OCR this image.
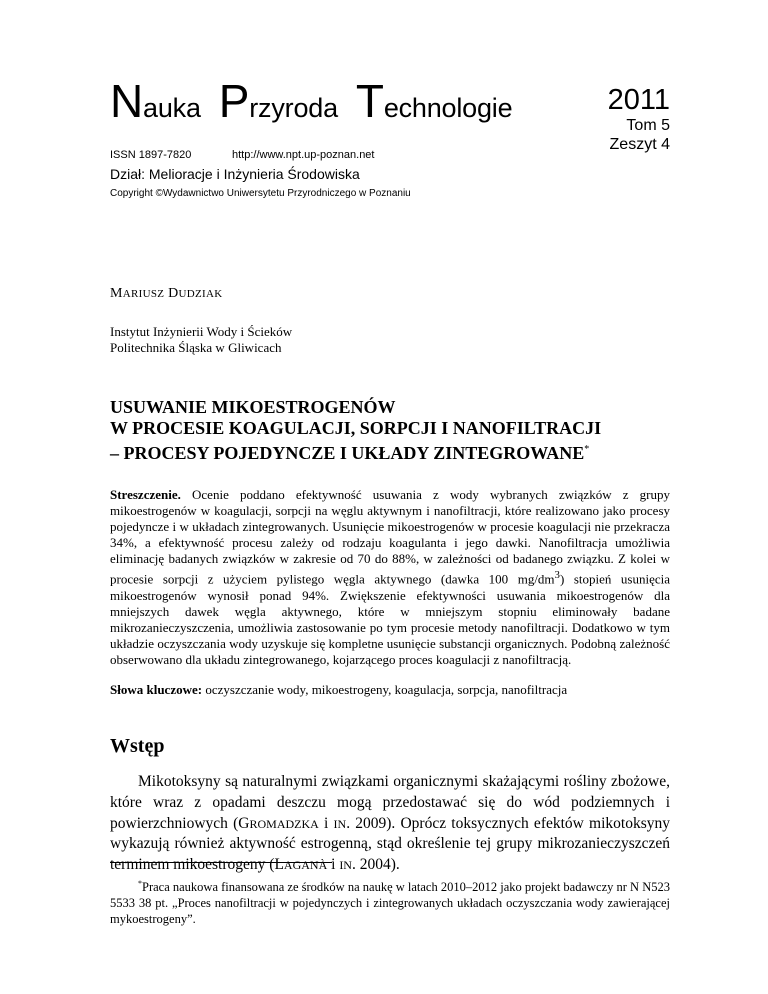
Nauka Przyroda Technologie	2011
Tom 5
Zeszyt 4
ISSN 1897-7820	http://www.npt.up-poznan.net
Dział: Melioracje i Inżynieria Środowiska
Copyright ©Wydawnictwo Uniwersytetu Przyrodniczego w Poznaniu
MARIUSZ DUDZIAK
Instytut Inżynierii Wody i Ścieków
Politechnika Śląska w Gliwicach
USUWANIE MIKOESTROGENÓW
W PROCESIE KOAGULACJI, SORPCJI I NANOFILTRACJI
– PROCESY POJEDYNCZE I UKŁADY ZINTEGROWANE*
Streszczenie. Ocenie poddano efektywność usuwania z wody wybranych związków z grupy mikoestrogenów w koagulacji, sorpcji na węglu aktywnym i nanofiltracji, które realizowano jako procesy pojedyncze i w układach zintegrowanych. Usunięcie mikoestrogenów w procesie koagulacji nie przekracza 34%, a efektywność procesu zależy od rodzaju koagulanta i jego dawki. Nanofiltracja umożliwia eliminację badanych związków w zakresie od 70 do 88%, w zależności od badanego związku. Z kolei w procesie sorpcji z użyciem pylistego węgla aktywnego (dawka 100 $mg/dm^3$) stopień usunięcia mikoestrogenów wynosił ponad 94%. Zwiększenie efektywności usuwania mikoestrogenów dla mniejszych dawek węgla aktywnego, które w mniejszym stopniu eliminowały badane mikrozanieczyszczenia, umożliwia zastosowanie po tym procesie metody nanofiltracji. Dodatkowo w tym układzie oczyszczania wody uzyskuje się kompletne usunięcie substancji organicznych. Podobną zależność obserwowano dla układu zintegrowanego, kojarzącego proces koagulacji z nanofiltracją.
Słowa kluczowe: oczyszczanie wody, mikoestrogeny, koagulacja, sorpcja, nanofiltracja
Wstęp
Mikotoksyny są naturalnymi związkami organicznymi skażającymi rośliny zbożowe, które wraz z opadami deszczu mogą przedostawać się do wód podziemnych i powierzchniowych (GROMADZKA i IN. 2009). Oprócz toksycznych efektów mikotoksyny wykazują również aktywność estrogenną, stąd określenie tej grupy mikrozanieczyszczeń terminem mikoestrogeny (LAGANÀ i IN. 2004).
*Praca naukowa finansowana ze środków na naukę w latach 2010–2012 jako projekt badawczy nr N N523 5533 38 pt. „Proces nanofiltracji w pojedynczych i zintegrowanych układach oczyszczania wody zawierającej mykoestrogeny”.
